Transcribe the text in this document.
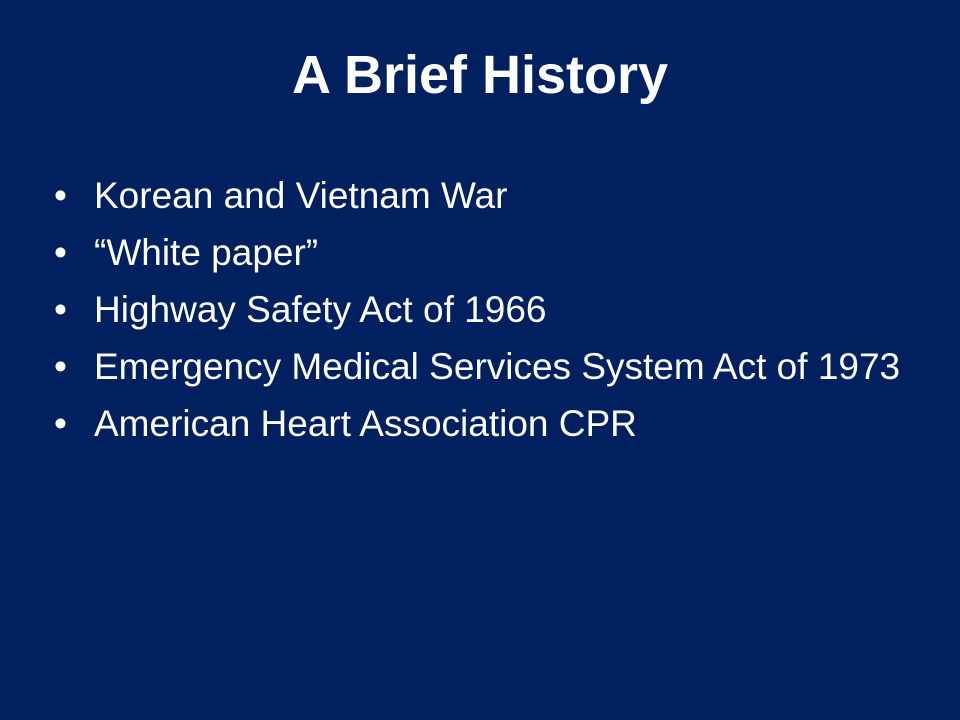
A Brief History
• Korean and Vietnam War
• “White paper”
• Highway Safety Act of 1966
• Emergency Medical Services System Act of 1973
• American Heart Association CPR
